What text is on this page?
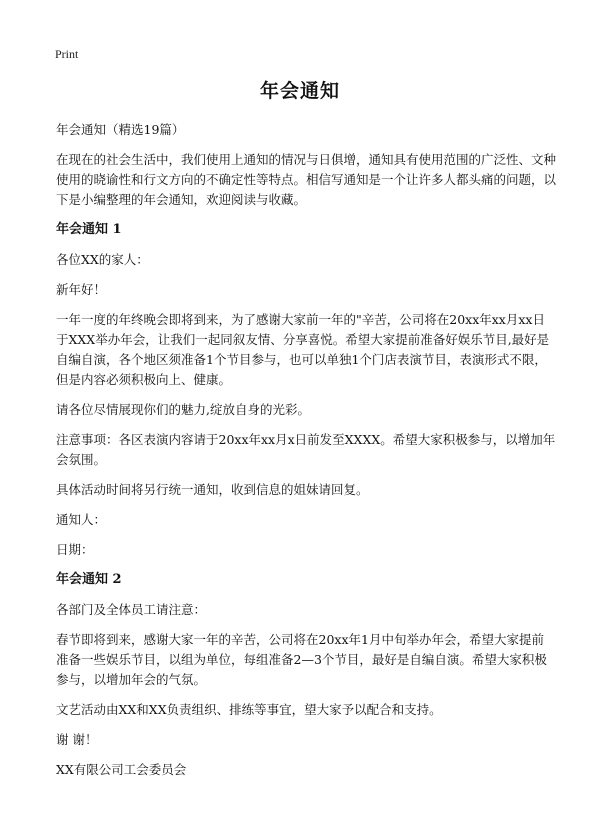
Print
年会通知

年会通知（精选19篇）

在现在的社会生活中，我们使用上通知的情况与日俱增，通知具有使用范围的广泛性、文种使用的晓谕性和行文方向的不确定性等特点。相信写通知是一个让许多人都头痛的问题，以下是小编整理的年会通知，欢迎阅读与收藏。

年会通知 1

各位XX的家人：

新年好！

一年一度的年终晚会即将到来，为了感谢大家前一年的"辛苦，公司将在20xx年xx月xx日于XXX举办年会，让我们一起同叙友情、分享喜悦。希望大家提前准备好娱乐节目,最好是自编自演，各个地区须准备1个节目参与，也可以单独1个门店表演节目，表演形式不限，但是内容必须积极向上、健康。

请各位尽情展现你们的魅力,绽放自身的光彩。

注意事项：各区表演内容请于20xx年xx月x日前发至XXXX。希望大家积极参与，以增加年会氛围。

具体活动时间将另行统一通知，收到信息的姐妹请回复。

通知人：

日期：

年会通知 2

各部门及全体员工请注意：

春节即将到来，感谢大家一年的辛苦，公司将在20xx年1月中旬举办年会，希望大家提前准备一些娱乐节目，以组为单位，每组准备2—3个节目，最好是自编自演。希望大家积极参与，以增加年会的气氛。

文艺活动由XX和XX负责组织、排练等事宜，望大家予以配合和支持。

谢 谢！

XX有限公司工会委员会
